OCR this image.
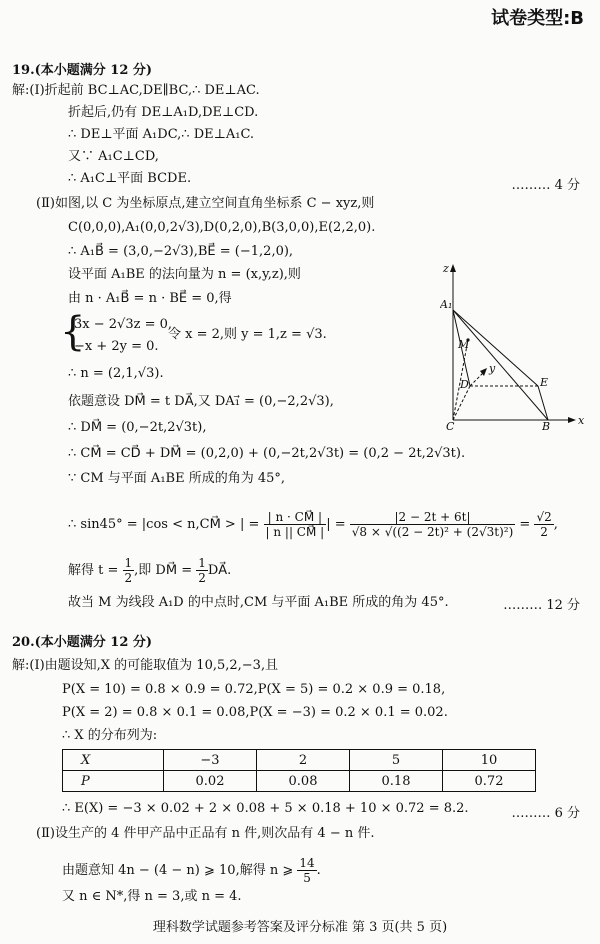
试卷类型:B
19.(本小题满分 12 分)
解:(Ⅰ)折起前 BC⊥AC,DE∥BC,∴ DE⊥AC.
折起后,仍有 DE⊥A₁D,DE⊥CD.
∴ DE⊥平面 A₁DC,∴ DE⊥A₁C.
又∵ A₁C⊥CD,
∴ A₁C⊥平面 BCDE.	……… 4 分
(Ⅱ)如图,以 C 为坐标原点,建立空间直角坐标系 C − xyz,则
C(0,0,0),A₁(0,0,2√3),D(0,2,0),B(3,0,0),E(2,2,0).
∴ A₁B⃗ = (3,0,−2√3),BE⃗ = (−1,2,0),
设平面 A₁BE 的法向量为 n = (x,y,z),则
由 n · A₁B⃗ = n · BE⃗ = 0,得
{
3x − 2√3z = 0,
−x + 2y = 0.
令 x = 2,则 y = 1,z = √3.
∴ n = (2,1,√3).
依题意设 DM⃗ = t DA⃗,又 DA₁⃗ = (0,−2,2√3),
∴ DM⃗ = (0,−2t,2√3t),
∴ CM⃗ = CD⃗ + DM⃗ = (0,2,0) + (0,−2t,2√3t) = (0,2 − 2t,2√3t).
∵ CM 与平面 A₁BE 所成的角为 45°,
∴ sin45° = |cos < n,CM⃗ > | = $\frac{| n \cdot CM⃗ |}{| n || CM⃗ |}$ | = $\frac{|2 - 2t + 6t|}{\text{√8 × √((2 − 2t)² + (2√3t)²)}} = \frac{√2}{2}$ ,
解得 $t = \frac{1}{2}$ ,即 DM⃗ = $\frac{1}{2}$ DA⃗.
故当 M 为线段 A₁D 的中点时,CM 与平面 A₁BE 所成的角为 45°.	……… 12 分
z
A₁
M
D
y
E
C	B	x
20.(本小题满分 12 分)
解:(Ⅰ)由题设知,X 的可能取值为 10,5,2,−3,且
P(X = 10) = 0.8 × 0.9 = 0.72,P(X = 5) = 0.2 × 0.9 = 0.18,
P(X = 2) = 0.8 × 0.1 = 0.08,P(X = −3) = 0.2 × 0.1 = 0.02.
∴ X 的分布列为:
X	−3	2	5	10
P	0.02	0.08	0.18	0.72
∴ E(X) = −3 × 0.02 + 2 × 0.08 + 5 × 0.18 + 10 × 0.72 = 8.2.	……… 6 分
(Ⅱ)设生产的 4 件甲产品中正品有 n 件,则次品有 4 − n 件.
由题意知 4n − (4 − n) ⩾ 10,解得 n ⩾ $\frac{14}{5}$ .
又 n ∈ N*,得 n = 3,或 n = 4.
理科数学试题参考答案及评分标准 第 3 页(共 5 页)
